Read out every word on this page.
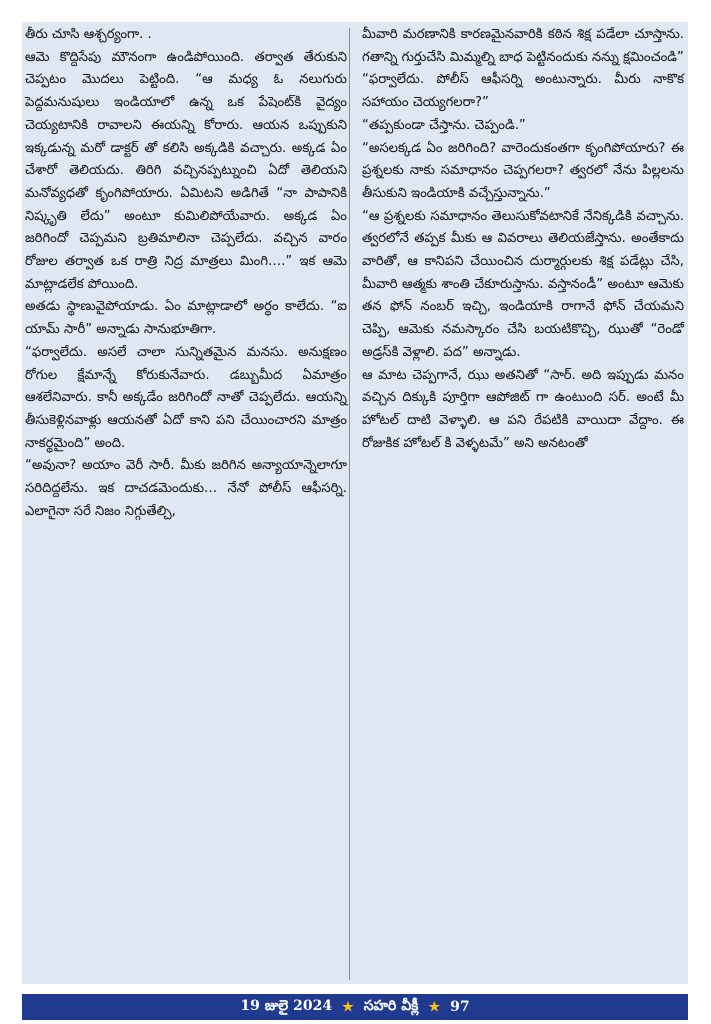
తీరు చూసి ఆశ్చర్యంగా. .

ఆమె కొద్దిసేపు మౌనంగా ఉండిపోయింది. తర్వాత తేరుకుని చెప్పటం మొదలు పెట్టింది. “ఆ మధ్య ఓ నలుగురు పెద్దమనుషులు ఇండియాలో ఉన్న ఒక పేషెంట్‌కి వైద్యం చెయ్యటానికి రావాలని ఈయన్ని కోరారు. ఆయన ఒప్పుకుని ఇక్కడున్న మరో డాక్టర్ తో కలిసి అక్కడికి వచ్చారు. అక్కడ ఏం చేశారో తెలియదు. తిరిగి వచ్చినప్పట్నుంచి ఏదో తెలియని మనోవ్యధతో కృంగిపోయారు. ఏమిటని అడిగితే “నా పాపానికి నిష్కృతి లేదు” అంటూ కుమిలిపోయేవారు. అక్కడ ఏం జరిగిందో చెప్పమని బ్రతిమాలినా చెప్పలేదు. వచ్చిన వారం రోజుల తర్వాత ఒక రాత్రి నిద్ర మాత్రలు మింగి….” ఇక ఆమె మాట్లాడలేక పోయింది.

అతడు స్థాణువైపోయాడు. ఏం మాట్లాడాలో అర్థం కాలేదు. “ఐ యామ్ సారీ” అన్నాడు సానుభూతిగా.

“ఫర్వాలేదు. అసలే చాలా సున్నితమైన మనసు. అనుక్షణం రోగుల క్షేమాన్నే కోరుకునేవారు. డబ్బుమీద ఏమాత్రం ఆశలేనివారు. కానీ అక్కడేం జరిగిందో నాతో చెప్పలేదు. ఆయన్ని తీసుకెళ్లినవాళ్లు ఆయనతో ఏదో కాని పని చేయించారని మాత్రం నాకర్థమైంది” అంది.

“అవునా? అయాం వెరీ సారీ. మీకు జరిగిన అన్యాయాన్నెలాగూ సరిదిద్దలేను. ఇక దాచడమెందుకు… నేనో పోలీస్ ఆఫీసర్ని. ఎలాగైనా సరే నిజం నిగ్గుతేల్చి,

మీవారి మరణానికి కారణమైనవారికి కఠిన శిక్ష పడేలా చూస్తాను. గతాన్ని గుర్తుచేసి మిమ్మల్ని బాధ పెట్టినందుకు నన్ను క్షమించండి”

“ఫర్వాలేదు. పోలీస్ ఆఫీసర్ని అంటున్నారు. మీరు నాకొక సహాయం చెయ్యగలరా?”

“తప్పకుండా చేస్తాను. చెప్పండి.”

“అసలక్కడ ఏం జరిగింది? వారెందుకంతగా కృంగిపోయారు? ఈ ప్రశ్నలకు నాకు సమాధానం చెప్పగలరా? త్వరలో నేను పిల్లలను తీసుకుని ఇండియాకి వచ్చేస్తున్నాను.”

“ఆ ప్రశ్నలకు సమాధానం తెలుసుకోవటానికే నేనిక్కడికి వచ్చాను. త్వరలోనే తప్పక మీకు ఆ వివరాలు తెలియజేస్తాను. అంతేకాదు వారితో, ఆ కానిపని చేయించిన దుర్మార్గులకు శిక్ష పడేట్లు చేసి, మీవారి ఆత్మకు శాంతి చేకూరుస్తాను. వస్తానండీ” అంటూ ఆమెకు తన ఫోన్ నంబర్ ఇచ్చి, ఇండియాకి రాగానే ఫోన్ చేయమని చెప్పి, ఆమెకు నమస్కారం చేసి బయటికొచ్చి, ఝుతో “రెండో అడ్రస్‌కి వెళ్లాలి. పద” అన్నాడు.

ఆ మాట చెప్పగానే, ఝు అతనితో “సార్. అది ఇప్పుడు మనం వచ్చిన దిక్కుకి పూర్తిగా ఆపోజిట్ గా ఉంటుంది సర్. అంటే మీ హోటల్ దాటి వెళ్ళాలి. ఆ పని రేపటికి వాయిదా వేద్దాం. ఈ రోజుకిక హోటల్ కి వెళ్ళటమే” అని అనటంతో

19 జులై 2024 ★ సహరి వీక్లీ ★ 97
